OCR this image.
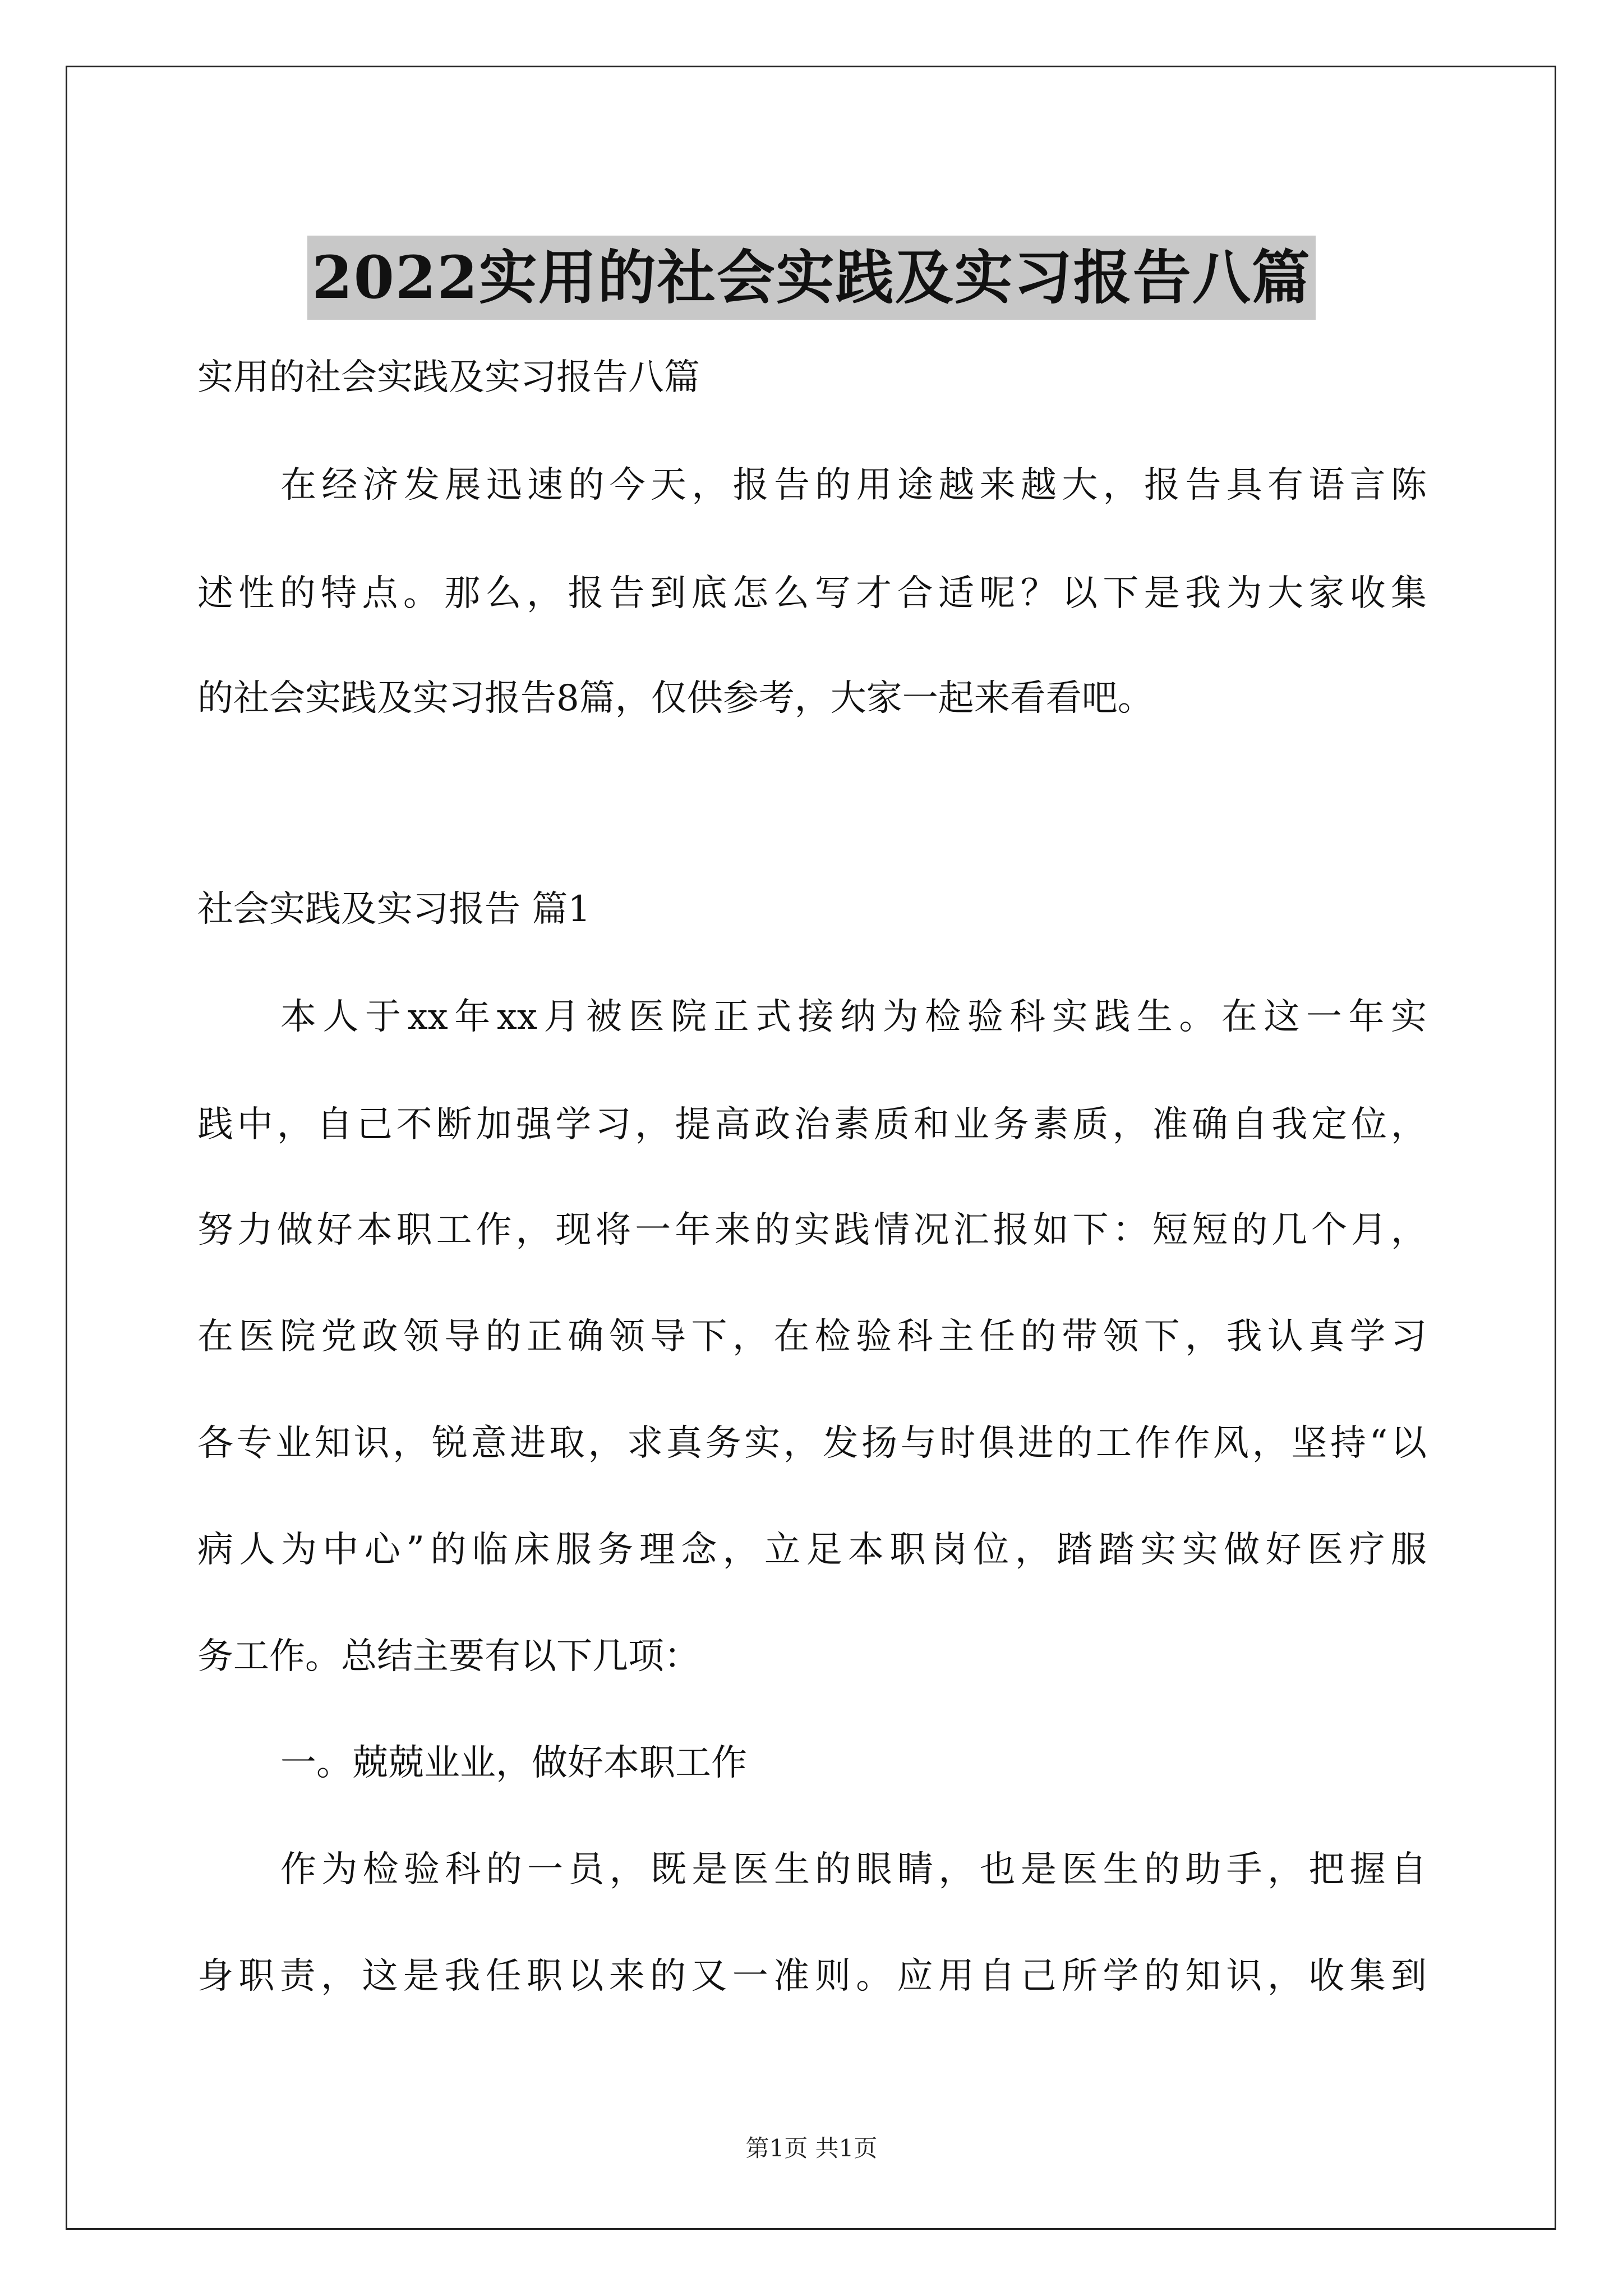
2022实用的社会实践及实习报告八篇

实用的社会实践及实习报告八篇

在经济发展迅速的今天，报告的用途越来越大，报告具有语言陈

述性的特点。那么，报告到底怎么写才合适呢？以下是我为大家收集

的社会实践及实习报告8篇，仅供参考，大家一起来看看吧。

社会实践及实习报告 篇1

本人于xx年xx月被医院正式接纳为检验科实践生。在这一年实

践中，自己不断加强学习，提高政治素质和业务素质，准确自我定位，

努力做好本职工作，现将一年来的实践情况汇报如下：短短的几个月，

在医院党政领导的正确领导下，在检验科主任的带领下，我认真学习

各专业知识，锐意进取，求真务实，发扬与时俱进的工作作风，坚持“以

病人为中心”的临床服务理念，立足本职岗位，踏踏实实做好医疗服

务工作。总结主要有以下几项：

一。兢兢业业，做好本职工作

作为检验科的一员，既是医生的眼睛，也是医生的助手，把握自

身职责，这是我任职以来的又一准则。应用自己所学的知识，收集到

第1页 共1页
